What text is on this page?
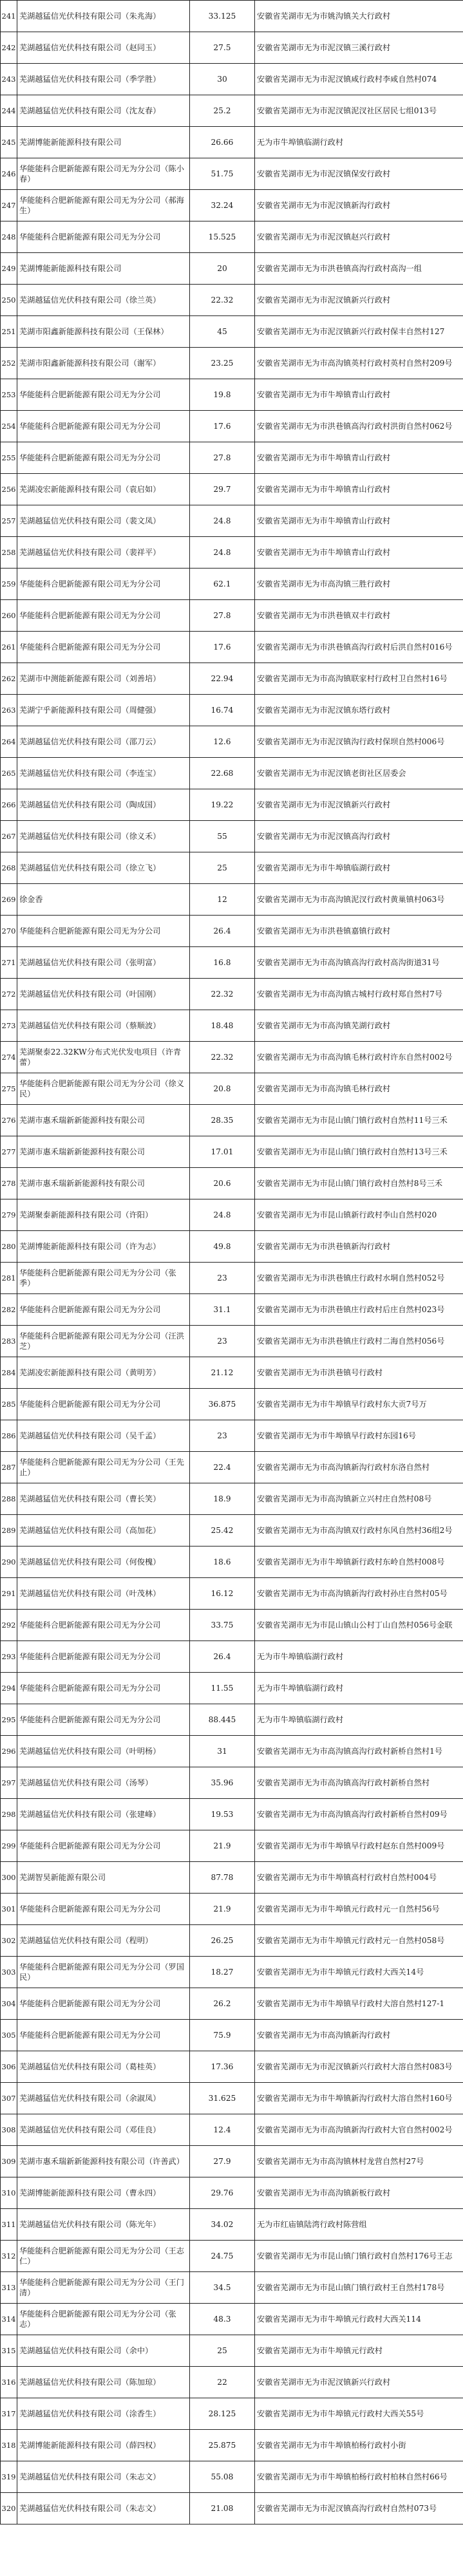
241	芜湖越猛信光伏科技有限公司（朱兆海）	33.125	安徽省芜湖市无为市姚沟镇关大行政村
242	芜湖越猛信光伏科技有限公司（赵同玉）	27.5	安徽省芜湖市无为市泥汊镇三溪行政村
243	芜湖越猛信光伏科技有限公司（季学胜）	30	安徽省芜湖市无为市泥汊镇咸行政村李咸自然村074
244	芜湖越猛信光伏科技有限公司（沈友春）	25.2	安徽省芜湖市无为市泥汊镇泥汊社区居民七组013号
245	芜湖博能新能源科技有限公司	26.66	无为市牛埠镇临湖行政村
246	华能能科合肥新能源有限公司无为分公司（陈小春）	51.75	安徽省芜湖市无为市泥汊镇保安行政村
247	华能能科合肥新能源有限公司无为分公司（郝海生）	32.24	安徽省芜湖市无为市泥汊镇新沟行政村
248	华能能科合肥新能源有限公司无为分公司	15.525	安徽省芜湖市无为市泥汊镇赵兴行政村
249	芜湖博能新能源科技有限公司	20	安徽省芜湖市无为市洪巷镇高沟行政村高沟一组
250	芜湖越猛信光伏科技有限公司（徐兰英）	22.32	安徽省芜湖市无为市泥汊镇新兴行政村
251	芜湖市阳鑫新能源科技有限公司（王保林）	45	安徽省芜湖市无为市泥汊镇新兴行政村保丰自然村127
252	芜湖市阳鑫新能源科技有限公司（谢军）	23.25	安徽省芜湖市无为市高沟镇英村行政村英村自然村209号
253	华能能科合肥新能源有限公司无为分公司	19.8	安徽省芜湖市无为市牛埠镇青山行政村
254	华能能科合肥新能源有限公司无为分公司	17.6	安徽省芜湖市无为市洪巷镇高沟行政村洪街自然村062号
255	华能能科合肥新能源有限公司无为分公司	27.8	安徽省芜湖市无为市牛埠镇青山行政村
256	芜湖凌宏新能源科技有限公司（袁启如）	29.7	安徽省芜湖市无为市牛埠镇青山行政村
257	芜湖越猛信光伏科技有限公司（裴文凤）	24.8	安徽省芜湖市无为市牛埠镇青山行政村
258	芜湖越猛信光伏科技有限公司（裴祥平）	24.8	安徽省芜湖市无为市牛埠镇青山行政村
259	华能能科合肥新能源有限公司无为分公司	62.1	安徽省芜湖市无为市高沟镇三胜行政村
260	华能能科合肥新能源有限公司无为分公司	27.8	安徽省芜湖市无为市洪巷镇双丰行政村
261	华能能科合肥新能源有限公司无为分公司	17.6	安徽省芜湖市无为市洪巷镇高沟行政村后洪自然村016号
262	芜湖市中测能新能源有限公司（刘善培）	22.94	安徽省芜湖市无为市高沟镇联家村行政村卫自然村16号
263	芜湖宁乎新能源科技有限公司（周健强）	16.74	安徽省芜湖市无为市泥汊镇东塔行政村
264	芜湖越猛信光伏科技有限公司（邵刀云）	12.6	安徽省芜湖市无为市泥汊镇沟行政村保坝自然村006号
265	芜湖越猛信光伏科技有限公司（李连宝）	22.68	安徽省芜湖市无为市泥汊镇老街社区居委会
266	芜湖越猛信光伏科技有限公司（陶成国）	19.22	安徽省芜湖市无为市泥汊镇新兴行政村
267	芜湖越猛信光伏科技有限公司（徐义禾）	55	安徽省芜湖市无为市泥汊镇高沟行政村
268	芜湖越猛信光伏科技有限公司（徐立飞）	25	安徽省芜湖市无为市牛埠镇临湖行政村
269	徐金香	12	安徽省芜湖市无为市高沟镇泥汊行政村黄巢镇村063号
270	华能能科合肥新能源有限公司无为分公司	26.4	安徽省芜湖市无为市洪巷镇嘉镇行政村
271	芜湖越猛信光伏科技有限公司（张明富）	16.8	安徽省芜湖市无为市高沟镇高沟行政村高沟街道31号
272	芜湖越猛信光伏科技有限公司（叶国刚）	22.32	安徽省芜湖市无为市高沟镇古城村行政村郑自然村7号
273	芜湖越猛信光伏科技有限公司（蔡顺波）	18.48	安徽省芜湖市无为市高沟镇芜湖行政村
274	芜湖聚泰22.32KW分布式光伏发电项目（许青蕾）	22.32	安徽省芜湖市无为市高沟镇毛林行政村许东自然村002号
275	华能能科合肥新能源有限公司无为分公司（徐义民）	20.8	安徽省芜湖市无为市高沟镇毛林行政村
276	芜湖市惠禾瑞新新能源科技有限公司	28.35	安徽省芜湖市无为市昆山镇门镇行政村自然村11号三禾
277	芜湖市惠禾瑞新新能源科技有限公司	17.01	安徽省芜湖市无为市昆山镇门镇行政村自然村13号三禾
278	芜湖市惠禾瑞新新能源科技有限公司	20.6	安徽省芜湖市无为市昆山镇门镇行政村自然村8号三禾
279	芜湖聚泰新能源科技有限公司（许阳）	24.8	安徽省芜湖市无为市昆山镇新行政村李山自然村020
280	芜湖博能新能源科技有限公司（许为志）	49.8	安徽省芜湖市无为市洪巷镇新沟行政村
281	华能能科合肥新能源有限公司无为分公司（张季）	23	安徽省芜湖市无为市洪巷镇庄行政村水垌自然村052号
282	华能能科合肥新能源有限公司无为分公司	31.1	安徽省芜湖市无为市洪巷镇庄行政村后庄自然村023号
283	华能能科合肥新能源有限公司无为分公司（汪洪芝）	23	安徽省芜湖市无为市洪巷镇庄行政村二海自然村056号
284	芜湖凌宏新能源科技有限公司（黄明芳）	21.12	安徽省芜湖市无为市洪巷镇号行政村
285	华能能科合肥新能源有限公司无为分公司	36.875	安徽省芜湖市无为市牛埠镇早行政村东大贡7号万
286	芜湖越猛信光伏科技有限公司（吴千孟）	23	安徽省芜湖市无为市牛埠镇早行政村东园16号
287	华能能科合肥新能源有限公司无为分公司（王先止）	22.4	安徽省芜湖市无为市高沟镇新沟行政村东洛自然村
288	芜湖越猛信光伏科技有限公司（曹长笑）	18.9	安徽省芜湖市无为市高沟镇新立兴村庄自然村08号
289	芜湖越猛信光伏科技有限公司（高加花）	25.42	安徽省芜湖市无为市高沟镇双行政村东风自然村36组2号
290	芜湖越猛信光伏科技有限公司（何俊槐）	18.6	安徽省芜湖市无为市牛埠镇新行政村东岭自然村008号
291	芜湖越猛信光伏科技有限公司（叶茂林）	16.12	安徽省芜湖市无为市高沟镇新沟行政村孙庄自然村05号
292	华能能科合肥新能源有限公司无为分公司	33.75	安徽省芜湖市无为市昆山镇山公村丁山自然村056号金联
293	华能能科合肥新能源有限公司无为分公司	26.4	无为市牛埠镇临湖行政村
294	华能能科合肥新能源有限公司无为分公司	11.55	无为市牛埠镇临湖行政村
295	华能能科合肥新能源有限公司无为分公司	88.445	无为市牛埠镇临湖行政村
296	芜湖越猛信光伏科技有限公司（叶明杨）	31	安徽省芜湖市无为市高沟镇高沟行政村新桥自然村1号
297	芜湖越猛信光伏科技有限公司（汤琴）	35.96	安徽省芜湖市无为市高沟镇高沟行政村新桥自然村
298	芜湖越猛信光伏科技有限公司（张建峰）	19.53	安徽省芜湖市无为市高沟镇高沟行政村新桥自然村09号
299	华能能科合肥新能源有限公司无为分公司	21.9	安徽省芜湖市无为市牛埠镇早行政村赵东自然村009号
300	芜湖智昊新能源有限公司	87.78	安徽省芜湖市无为市牛埠镇高村行政村自然村004号
301	华能能科合肥新能源有限公司无为分公司	21.9	安徽省芜湖市无为市牛埠镇元行政村元一自然村56号
302	芜湖越猛信光伏科技有限公司（程明）	26.25	安徽省芜湖市无为市牛埠镇元行政村元一自然村058号
303	华能能科合肥新能源有限公司无为分公司（罗国民）	18.27	安徽省芜湖市无为市牛埠镇元行政村大西关14号
304	华能能科合肥新能源有限公司无为分公司	26.2	安徽省芜湖市无为市牛埠镇早行政村大溶自然村127-1
305	华能能科合肥新能源有限公司无为分公司	75.9	安徽省芜湖市无为市高沟镇新沟行政村
306	芜湖越猛信光伏科技有限公司（葛桂英）	17.36	安徽省芜湖市无为市泥汊镇新兴行政村大溶自然村083号
307	芜湖越猛信光伏科技有限公司（余淑凤）	31.625	安徽省芜湖市无为市牛埠镇新沟行政村大溶自然村160号
308	芜湖越猛信光伏科技有限公司（邓佳良）	12.4	安徽省芜湖市无为市高沟镇新沟行政村大官自然村002号
309	芜湖市惠禾瑞新新能源科技有限公司（许善武）	27.9	安徽省芜湖市无为市高沟镇林村龙营自然村27号
310	芜湖博能新能源科技有限公司（曹永四）	29.76	安徽省芜湖市无为市高沟镇新板行政村
311	芜湖越猛信光伏科技有限公司（陈光年）	34.02	无为市红庙镇陆湾行政村陈营组
312	华能能科合肥新能源有限公司无为分公司（王志仁）	24.75	安徽省芜湖市无为市昆山镇门镇行政村自然村176号王志
313	华能能科合肥新能源有限公司无为分公司（王门清）	34.5	安徽省芜湖市无为市昆山镇门镇行政村王自然村178号
314	华能能科合肥新能源有限公司无为分公司（张志）	48.3	安徽省芜湖市无为市牛埠镇元行政村大西关114
315	芜湖越猛信光伏科技有限公司（余中）	25	安徽省芜湖市无为市牛埠镇元行政村
316	芜湖越猛信光伏科技有限公司（陈加琼）	22	安徽省芜湖市无为市泥汊镇新兴行政村
317	芜湖越猛信光伏科技有限公司（涂香生）	28.125	安徽省芜湖市无为市牛埠镇元行政村大西关55号
318	芜湖博能新能源科技有限公司（薛四权）	25.875	安徽省芜湖市无为市牛埠镇柏杨行政村小街
319	芜湖越猛信光伏科技有限公司（朱志文）	55.08	安徽省芜湖市无为市牛埠镇柏杨行政村柏林自然村66号
320	芜湖越猛信光伏科技有限公司（朱志文）	21.08	安徽省芜湖市无为市泥汊镇高沟行政村自然村073号
